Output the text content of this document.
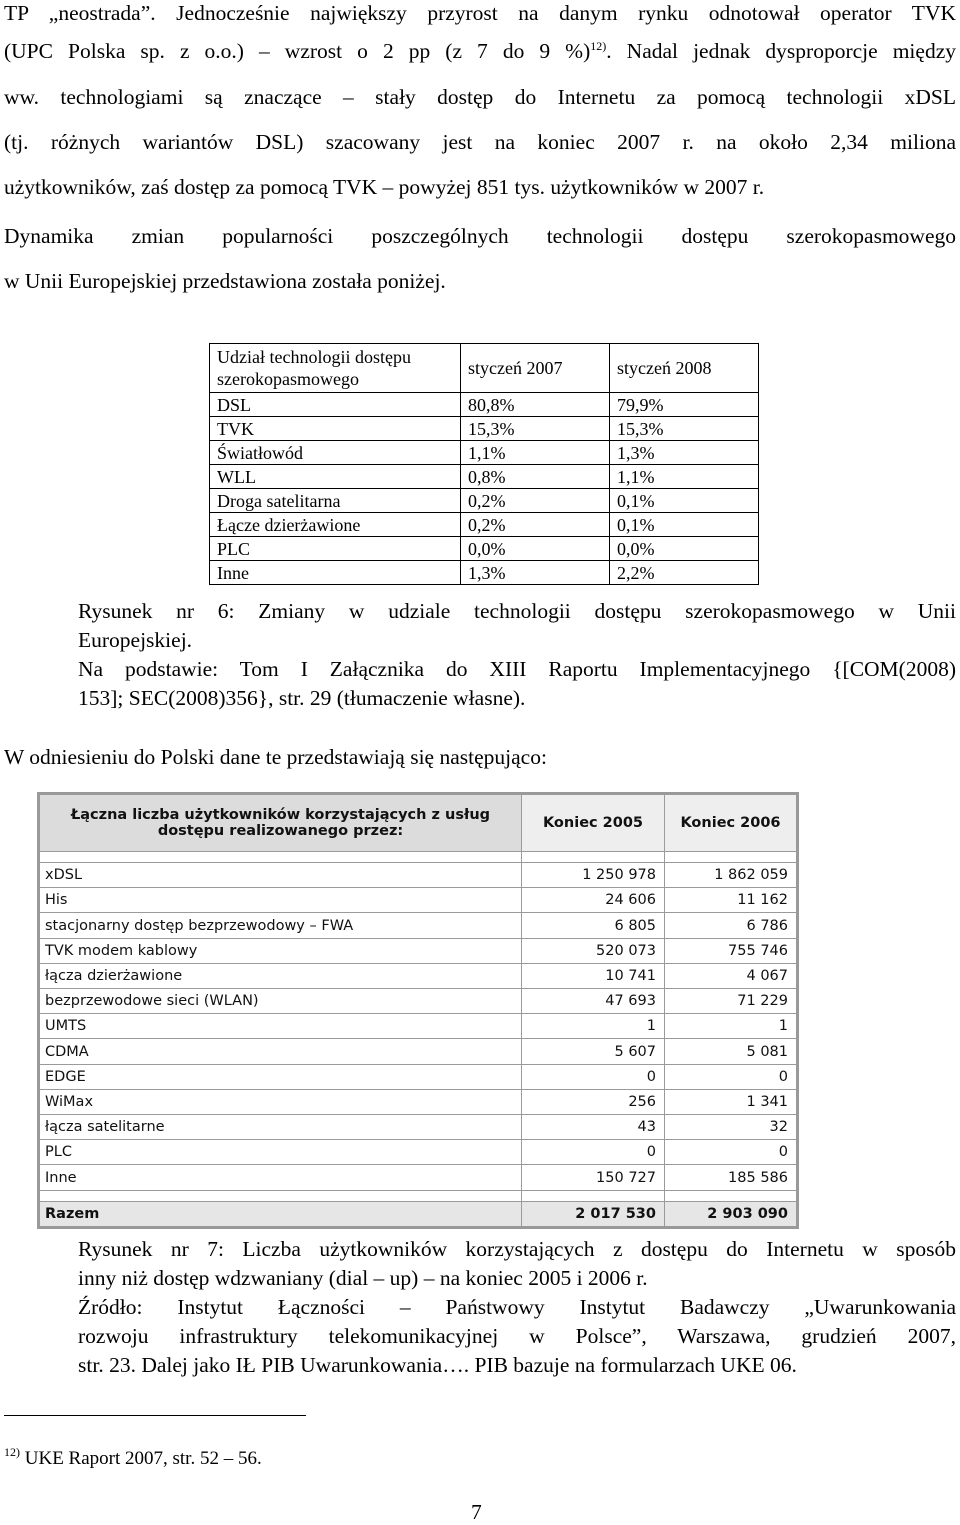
TP „neostrada”. Jednocześnie największy przyrost na danym rynku odnotował operator TVK
(UPC Polska sp. z o.o.) – wzrost o 2 pp (z 7 do 9 %)$^{12)}$. Nadal jednak dysproporcje między
ww. technologiami są znaczące – stały dostęp do Internetu za pomocą technologii xDSL
(tj. różnych wariantów DSL) szacowany jest na koniec 2007 r. na około 2,34 miliona
użytkowników, zaś dostęp za pomocą TVK – powyżej 851 tys. użytkowników w 2007 r.
Dynamika zmian popularności poszczególnych technologii dostępu szerokopasmowego
w Unii Europejskiej przedstawiona została poniżej.
Udział technologii dostępu szerokopasmowego	styczeń 2007	styczeń 2008
DSL	80,8%	79,9%
TVK	15,3%	15,3%
Światłowód	1,1%	1,3%
WLL	0,8%	1,1%
Droga satelitarna	0,2%	0,1%
Łącze dzierżawione	0,2%	0,1%
PLC	0,0%	0,0%
Inne	1,3%	2,2%
Rysunek nr 6: Zmiany w udziale technologii dostępu szerokopasmowego w Unii
Europejskiej.
Na podstawie: Tom I Załącznika do XIII Raportu Implementacyjnego {[COM(2008)
153]; SEC(2008)356}, str. 29 (tłumaczenie własne).
W odniesieniu do Polski dane te przedstawiają się następująco:
Łączna liczba użytkowników korzystających z usług dostępu realizowanego przez:	Koniec 2005	Koniec 2006

xDSL	1 250 978	1 862 059
His	24 606	11 162
stacjonarny dostęp bezprzewodowy – FWA	6 805	6 786
TVK modem kablowy	520 073	755 746
łącza dzierżawione	10 741	4 067
bezprzewodowe sieci (WLAN)	47 693	71 229
UMTS	1	1
CDMA	5 607	5 081
EDGE	0	0
WiMax	256	1 341
łącza satelitarne	43	32
PLC	0	0
Inne	150 727	185 586

Razem	2 017 530	2 903 090
Rysunek nr 7: Liczba użytkowników korzystających z dostępu do Internetu w sposób
inny niż dostęp wdzwaniany (dial – up) – na koniec 2005 i 2006 r.
Źródło: Instytut Łączności – Państwowy Instytut Badawczy „Uwarunkowania
rozwoju infrastruktury telekomunikacyjnej w Polsce”, Warszawa, grudzień 2007,
str. 23. Dalej jako IŁ PIB Uwarunkowania…. PIB bazuje na formularzach UKE 06.
$^{12)}$ UKE Raport 2007, str. 52 – 56.
7
